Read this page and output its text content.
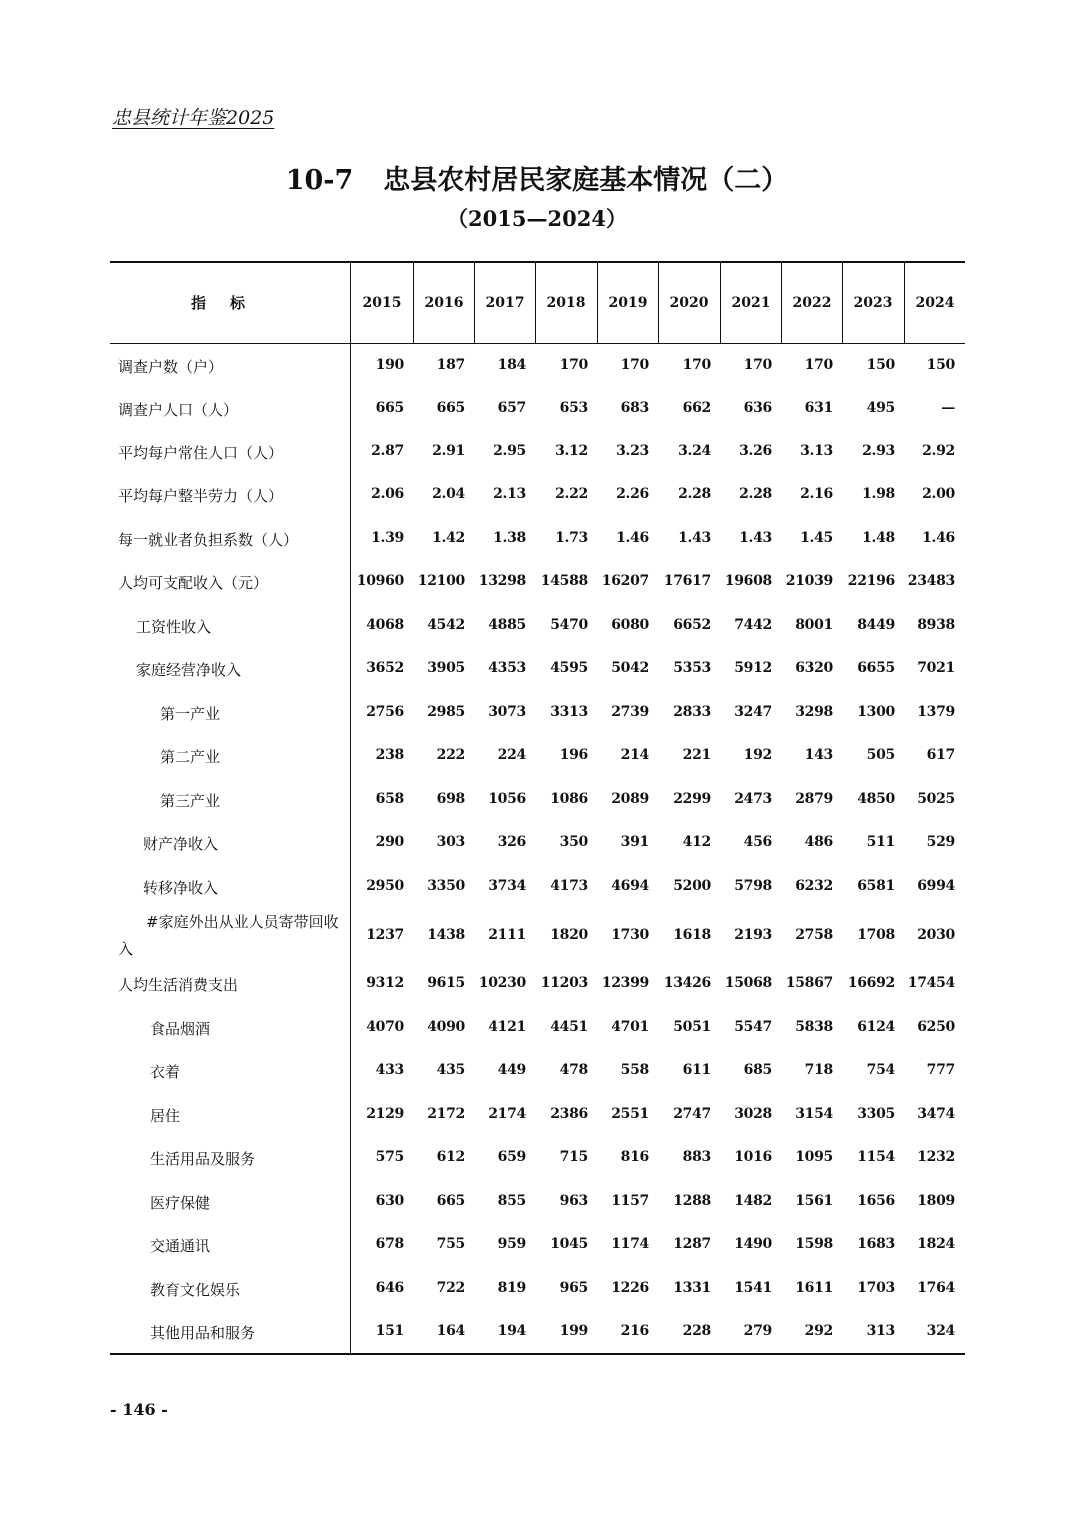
忠县统计年鉴2025
10-7 忠县农村居民家庭基本情况（二）
（2015—2024）
指标	2015	2016	2017	2018	2019	2020	2021	2022	2023	2024
调查户数（户）	190	187	184	170	170	170	170	170	150	150
调查户人口（人）	665	665	657	653	683	662	636	631	495	—
平均每户常住人口（人）	2.87	2.91	2.95	3.12	3.23	3.24	3.26	3.13	2.93	2.92
平均每户整半劳力（人）	2.06	2.04	2.13	2.22	2.26	2.28	2.28	2.16	1.98	2.00
每一就业者负担系数（人）	1.39	1.42	1.38	1.73	1.46	1.43	1.43	1.45	1.48	1.46
人均可支配收入（元）	10960 12100 13298	14588 16207	17617 19608 21039	22196 23483
工资性收入	4068	4542	4885	5470	6080	6652	7442	8001	8449	8938
家庭经营净收入	3652	3905	4353	4595	5042	5353	5912	6320	6655	7021
第一产业	2756	2985	3073	3313	2739	2833	3247	3298	1300	1379
第二产业	238	222	224	196	214	221	192	143	505	617
第三产业	658	698	1056	1086	2089	2299	2473	2879	4850	5025
财产净收入	290	303	326	350	391	412	456	486	511	529
转移净收入	2950	3350	3734	4173	4694	5200	5798	6232	6581	6994
#家庭外出从业人员寄带回收入
1237	1438	2111	1820	1730	1618	2193	2758	1708	2030
人均生活消费支出	9312	9615 10230	11203 12399	13426 15068 15867	16692 17454
食品烟酒	4070	4090	4121	4451	4701	5051	5547	5838	6124	6250
衣着	433	435	449	478	558	611	685	718	754	777
居住	2129	2172	2174	2386	2551	2747	3028	3154	3305	3474
生活用品及服务	575	612	659	715	816	883	1016	1095	1154	1232
医疗保健	630	665	855	963	1157	1288	1482	1561	1656	1809
交通通讯	678	755	959	1045	1174	1287	1490	1598	1683	1824
教育文化娱乐	646	722	819	965	1226	1331	1541	1611	1703	1764
其他用品和服务	151	164	194	199	216	228	279	292	313	324
- 146 -
